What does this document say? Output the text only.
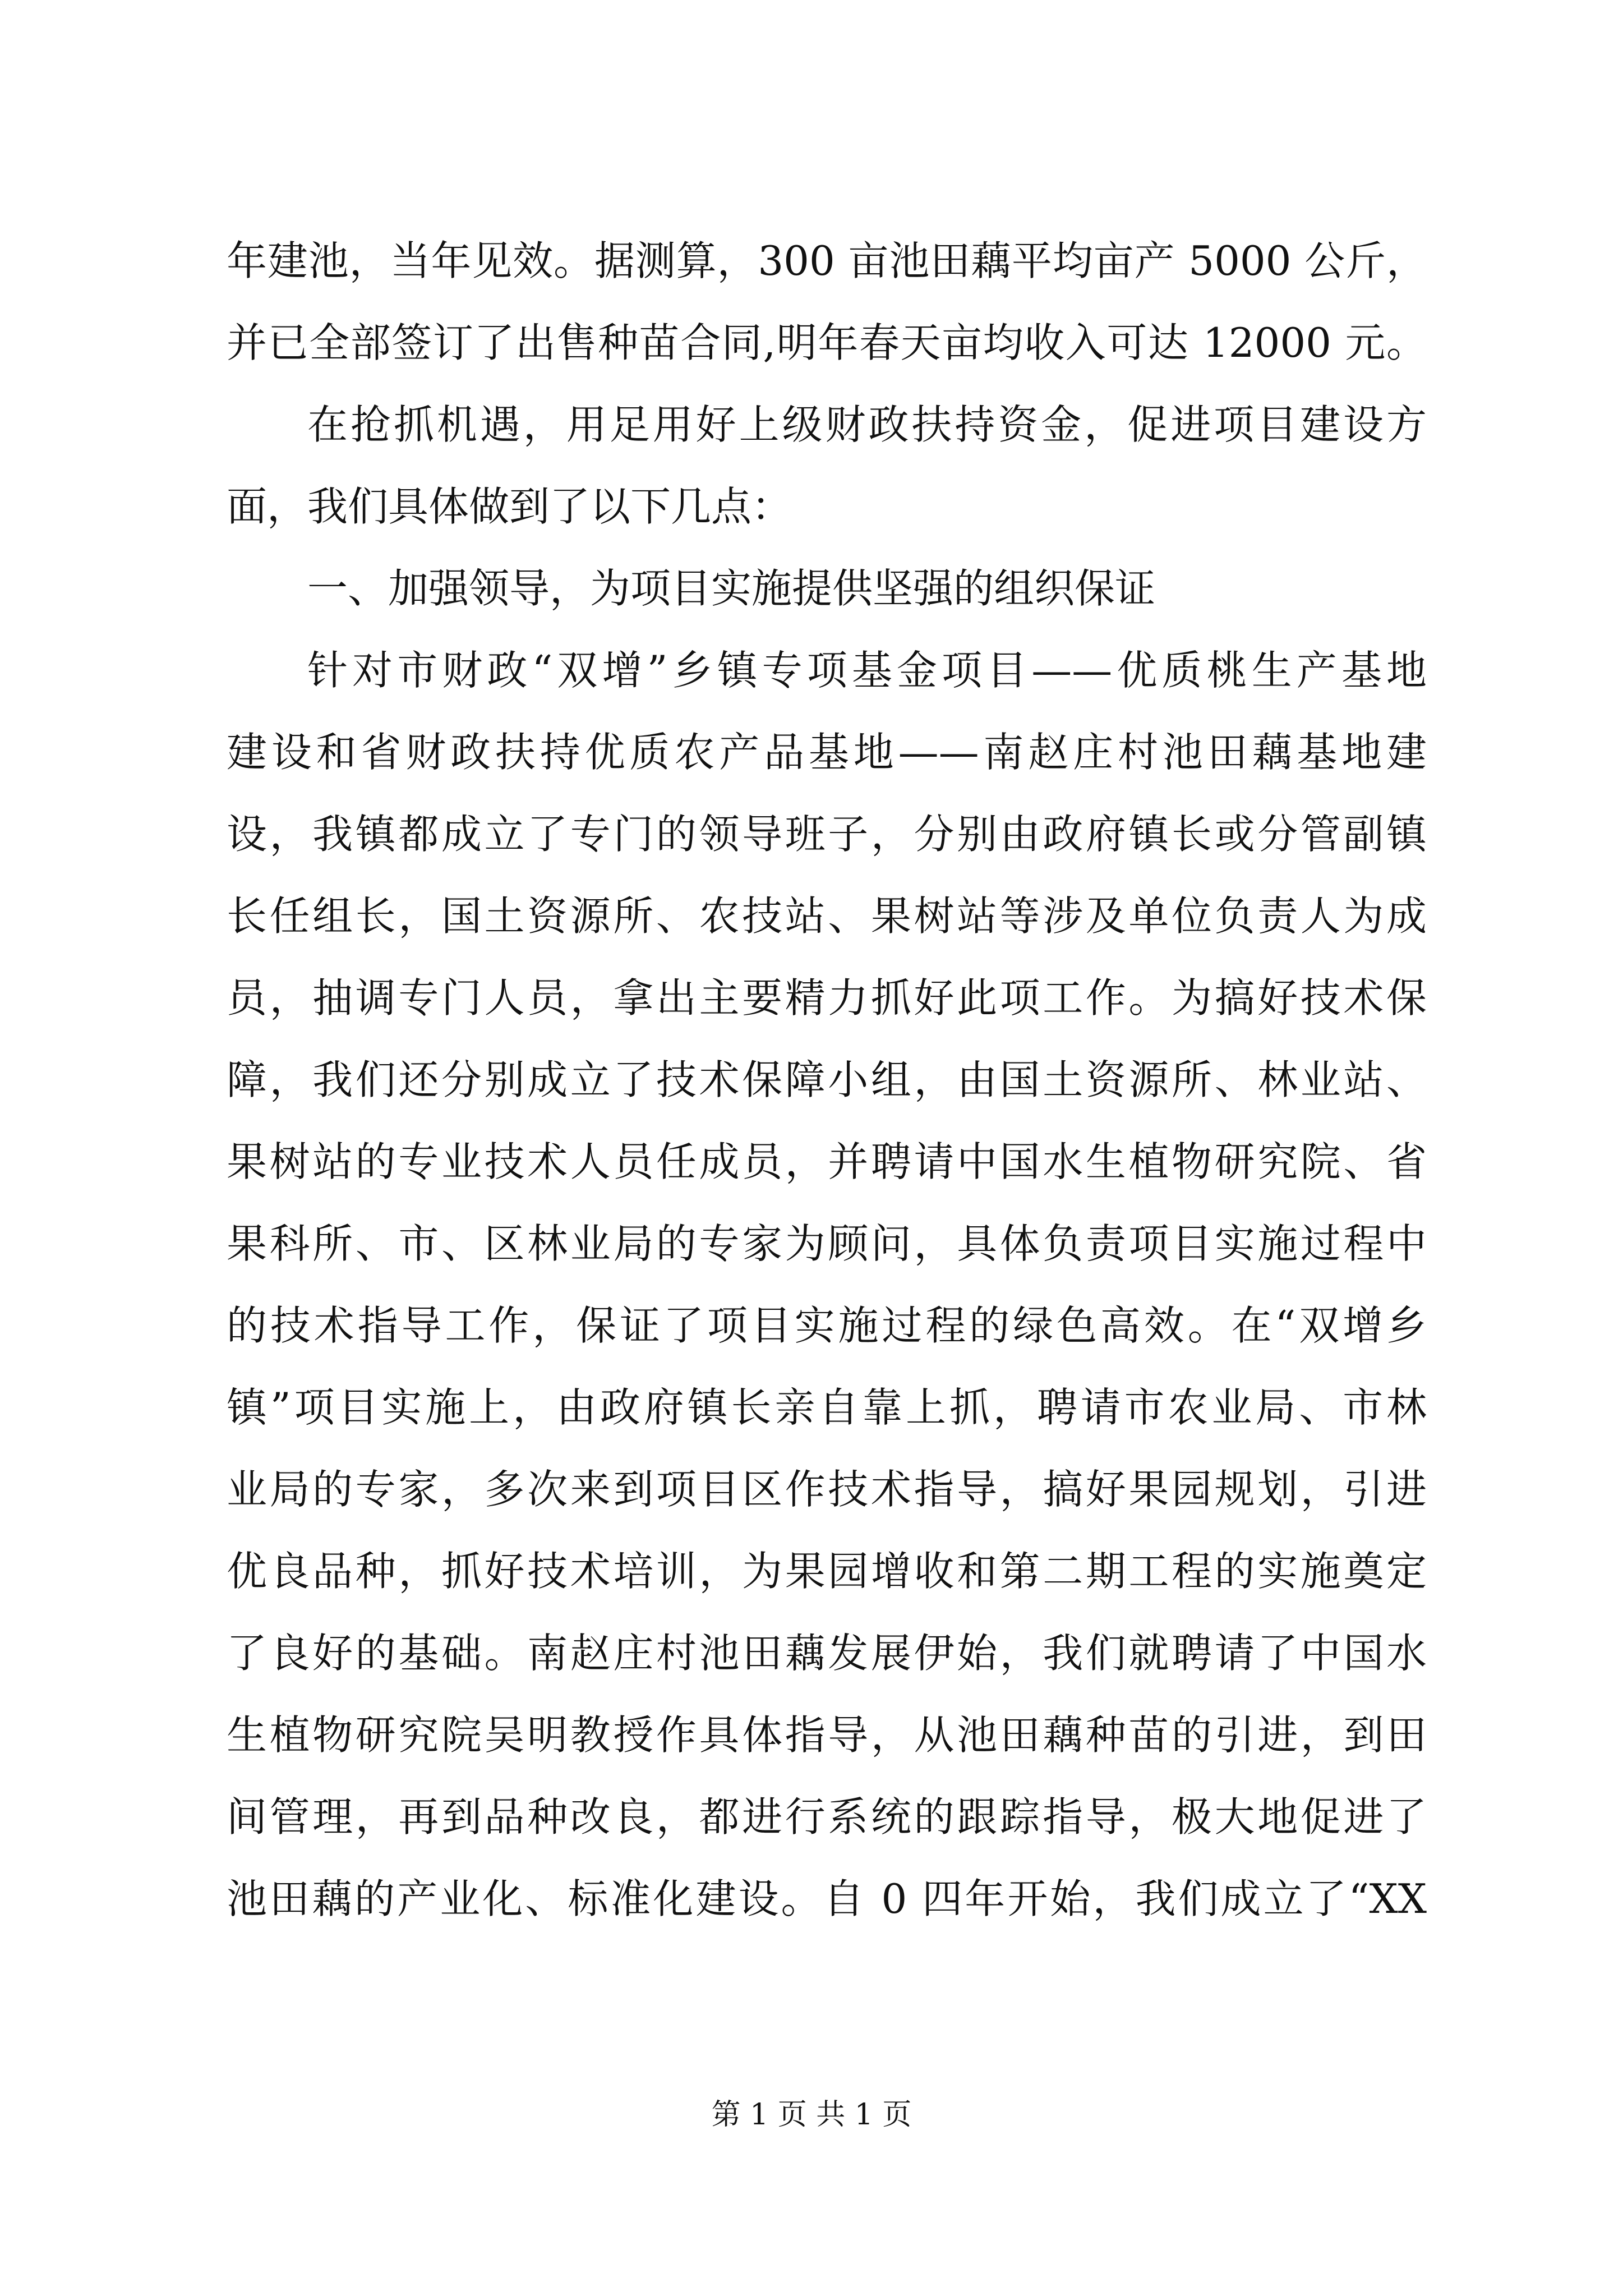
年建池，当年见效。据测算，300 亩池田藕平均亩产 5000 公斤，
并已全部签订了出售种苗合同,明年春天亩均收入可达 12000 元。
在抢抓机遇，用足用好上级财政扶持资金，促进项目建设方
面，我们具体做到了以下几点：
一、加强领导，为项目实施提供坚强的组织保证
针对市财政“双增”乡镇专项基金项目——优质桃生产基地
建设和省财政扶持优质农产品基地——南赵庄村池田藕基地建
设，我镇都成立了专门的领导班子，分别由政府镇长或分管副镇
长任组长，国土资源所、农技站、果树站等涉及单位负责人为成
员，抽调专门人员，拿出主要精力抓好此项工作。为搞好技术保
障，我们还分别成立了技术保障小组，由国土资源所、林业站、
果树站的专业技术人员任成员，并聘请中国水生植物研究院、省
果科所、市、区林业局的专家为顾问，具体负责项目实施过程中
的技术指导工作，保证了项目实施过程的绿色高效。在“双增乡
镇”项目实施上，由政府镇长亲自靠上抓，聘请市农业局、市林
业局的专家，多次来到项目区作技术指导，搞好果园规划，引进
优良品种，抓好技术培训，为果园增收和第二期工程的实施奠定
了良好的基础。南赵庄村池田藕发展伊始，我们就聘请了中国水
生植物研究院吴明教授作具体指导，从池田藕种苗的引进，到田
间管理，再到品种改良，都进行系统的跟踪指导，极大地促进了
池田藕的产业化、标准化建设。自 0 四年开始，我们成立了“XX
第 1 页 共 1 页
